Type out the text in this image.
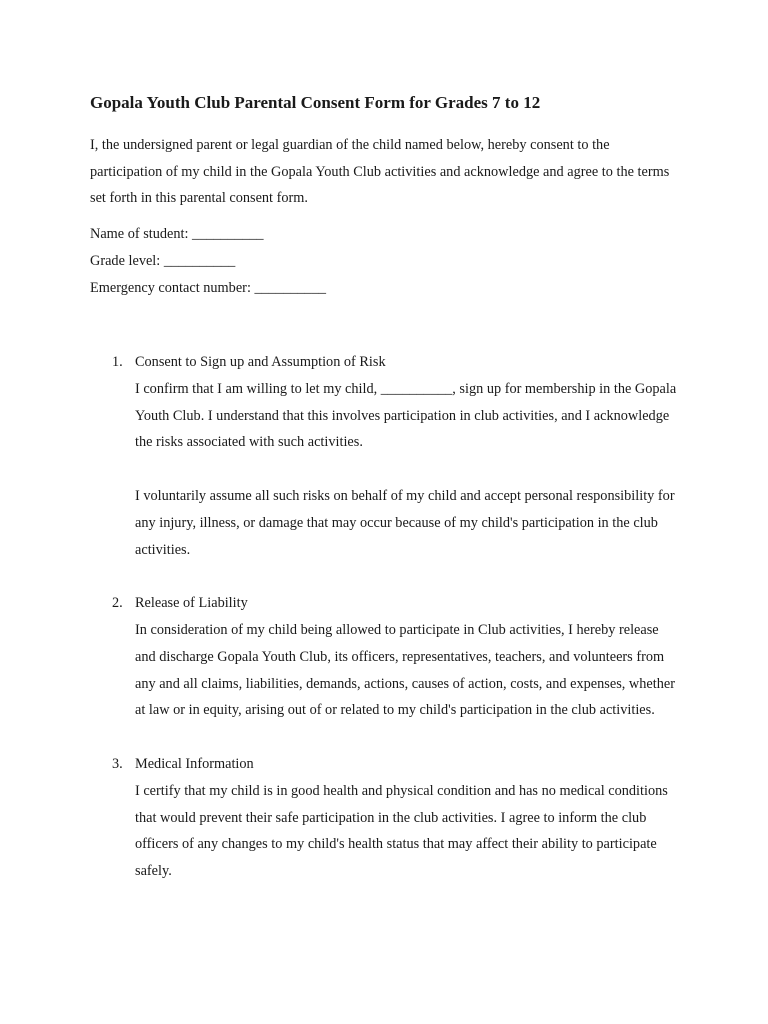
Gopala Youth Club Parental Consent Form for Grades 7 to 12

I, the undersigned parent or legal guardian of the child named below, hereby consent to the participation of my child in the Gopala Youth Club activities and acknowledge and agree to the terms set forth in this parental consent form.

Name of student: __________
Grade level: __________
Emergency contact number: __________
1. Consent to Sign up and Assumption of Risk

I confirm that I am willing to let my child, __________, sign up for membership in the Gopala Youth Club. I understand that this involves participation in club activities, and I acknowledge the risks associated with such activities.

I voluntarily assume all such risks on behalf of my child and accept personal responsibility for any injury, illness, or damage that may occur because of my child's participation in the club activities.

2. Release of Liability

In consideration of my child being allowed to participate in Club activities, I hereby release and discharge Gopala Youth Club, its officers, representatives, teachers, and volunteers from any and all claims, liabilities, demands, actions, causes of action, costs, and expenses, whether at law or in equity, arising out of or related to my child's participation in the club activities.

3. Medical Information

I certify that my child is in good health and physical condition and has no medical conditions that would prevent their safe participation in the club activities. I agree to inform the club officers of any changes to my child's health status that may affect their ability to participate safely.
